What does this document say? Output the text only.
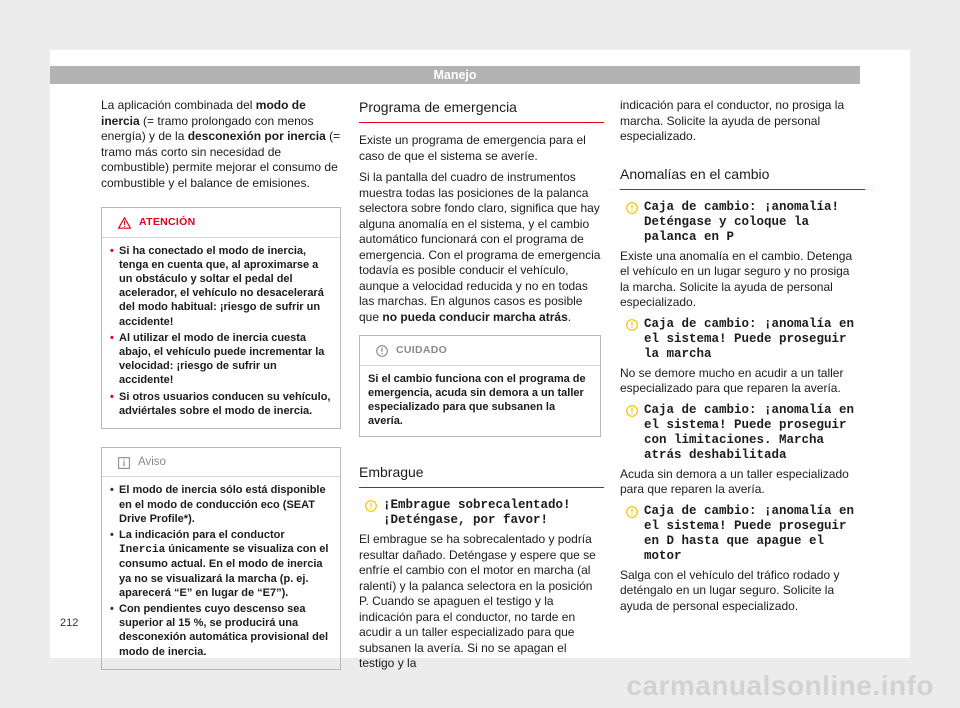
Manejo

La aplicación combinada del modo de inercia (= tramo prolongado con menos energía) y de la desconexión por inercia (= tramo más corto sin necesidad de combustible) permite mejorar el consumo de combustible y el balance de emisiones.

ATENCIÓN
• Si ha conectado el modo de inercia, tenga en cuenta que, al aproximarse a un obstáculo y soltar el pedal del acelerador, el vehículo no desacelerará del modo habitual: ¡riesgo de sufrir un accidente!
• Al utilizar el modo de inercia cuesta abajo, el vehículo puede incrementar la velocidad: ¡riesgo de sufrir un accidente!
• Si otros usuarios conducen su vehículo, adviértales sobre el modo de inercia.
Aviso
• El modo de inercia sólo está disponible en el modo de conducción eco (SEAT Drive Profile*).
• La indicación para el conductor Inercia únicamente se visualiza con el consumo actual. En el modo de inercia ya no se visualizará la marcha (p. ej. aparecerá “E” en lugar de “E7”).
• Con pendientes cuyo descenso sea superior al 15 %, se producirá una desconexión automática provisional del modo de inercia.
Programa de emergencia

Existe un programa de emergencia para el caso de que el sistema se averíe.

Si la pantalla del cuadro de instrumentos muestra todas las posiciones de la palanca selectora sobre fondo claro, significa que hay alguna anomalía en el sistema, y el cambio automático funcionará con el programa de emergencia. Con el programa de emergencia todavía es posible conducir el vehículo, aunque a velocidad reducida y no en todas las marchas. En algunos casos es posible que no pueda conducir marcha atrás.

CUIDADO
Si el cambio funciona con el programa de emergencia, acuda sin demora a un taller especializado para que subsanen la avería.
Embrague
¡Embrague sobrecalentado! ¡Deténgase, por favor!

El embrague se ha sobrecalentado y podría resultar dañado. Deténgase y espere que se enfríe el cambio con el motor en marcha (al ralentí) y la palanca selectora en la posición P. Cuando se apaguen el testigo y la indicación para el conductor, no tarde en acudir a un taller especializado para que subsanen la avería. Si no se apagan el testigo y la

indicación para el conductor, no prosiga la marcha. Solicite la ayuda de personal especializado.

Anomalías en el cambio
Caja de cambio: ¡anomalía! Deténgase y coloque la palanca en P

Existe una anomalía en el cambio. Detenga el vehículo en un lugar seguro y no prosiga la marcha. Solicite la ayuda de personal especializado.

Caja de cambio: ¡anomalía en el sistema! Puede proseguir la marcha

No se demore mucho en acudir a un taller especializado para que reparen la avería.

Caja de cambio: ¡anomalía en el sistema! Puede proseguir con limitaciones. Marcha atrás deshabilitada

Acuda sin demora a un taller especializado para que reparen la avería.

Caja de cambio: ¡anomalía en el sistema! Puede proseguir en D hasta que apague el motor

Salga con el vehículo del tráfico rodado y deténgalo en un lugar seguro. Solicite la ayuda de personal especializado.

212
carmanualsonline.info
